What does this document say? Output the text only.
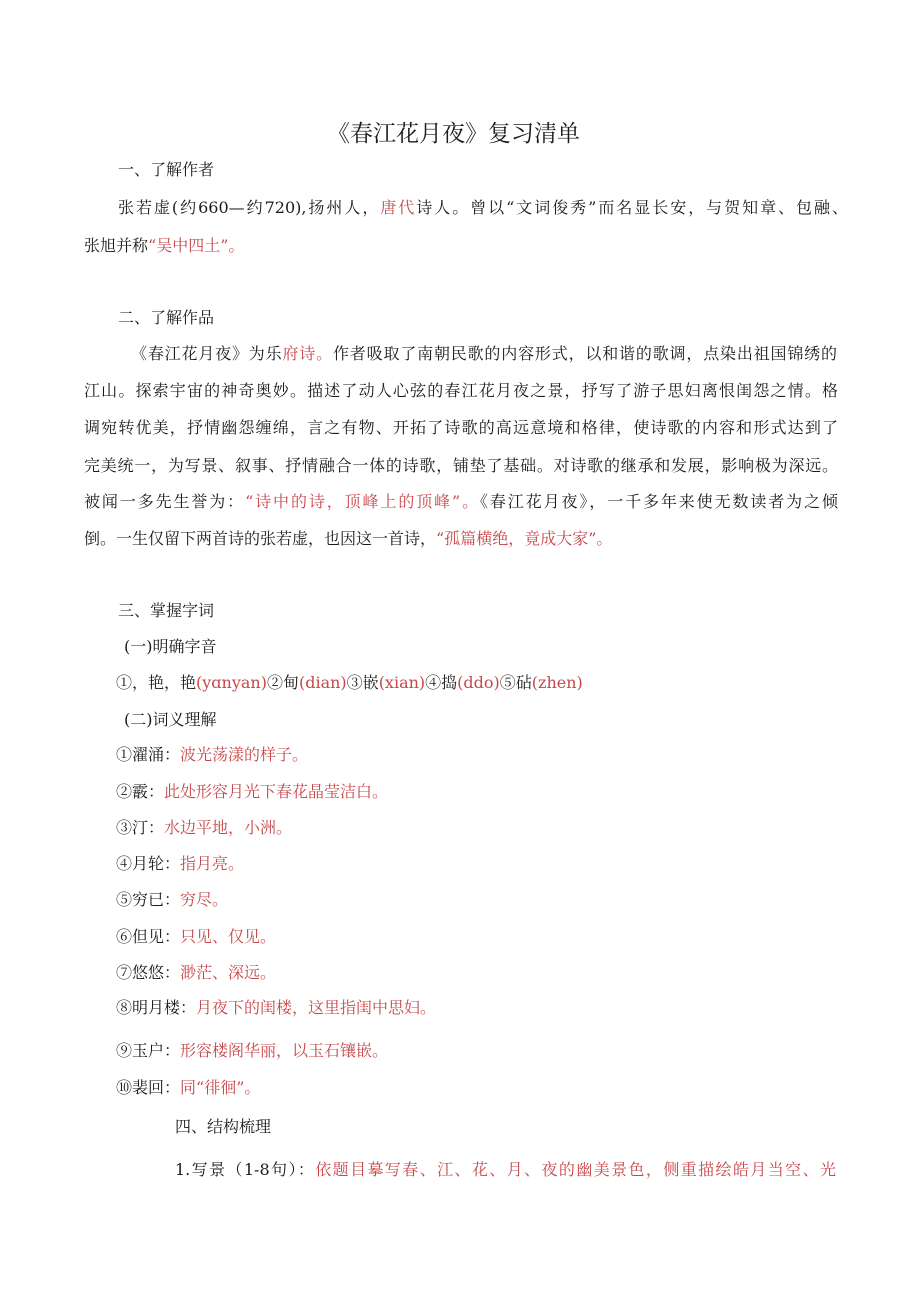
《春江花月夜》复习清单
一、了解作者
张若虚(约660—约720),扬州人，唐代诗人。曾以“文词俊秀”而名显长安，与贺知章、包融、
张旭并称“吴中四土”。
二、了解作品
《春江花月夜》为乐府诗。作者吸取了南朝民歌的内容形式，以和谐的歌调，点染出祖国锦绣的
江山。探索宇宙的神奇奥妙。描述了动人心弦的春江花月夜之景，抒写了游子思妇离恨闺怨之情。格
调宛转优美，抒情幽怨缠绵，言之有物、开拓了诗歌的高远意境和格律，使诗歌的内容和形式达到了
完美统一，为写景、叙事、抒情融合一体的诗歌，铺垫了基础。对诗歌的继承和发展，影响极为深远。
被闻一多先生誉为：“诗中的诗，顶峰上的顶峰”。《春江花月夜》，一千多年来使无数读者为之倾
倒。一生仅留下两首诗的张若虚，也因这一首诗，“孤篇横绝，竟成大家”。
三、掌握字词
(一)明确字音
①，艳，艳(yɑnyan)②甸(dian)③嵌(xian)④捣(ddo)⑤砧(zhen)
(二)词义理解
①濯涌：波光荡漾的样子。
②霰：此处形容月光下春花晶莹洁白。
③汀：水边平地，小洲。
④月轮：指月亮。
⑤穷已：穷尽。
⑥但见：只见、仅见。
⑦悠悠：渺茫、深远。
⑧明月楼：月夜下的闺楼，这里指闺中思妇。
⑨玉户：形容楼阁华丽，以玉石镶嵌。
⑩裴回：同“徘徊”。
四、结构梳理
1.写景（1-8句）：依题目摹写春、江、花、月、夜的幽美景色，侧重描绘皓月当空、光
